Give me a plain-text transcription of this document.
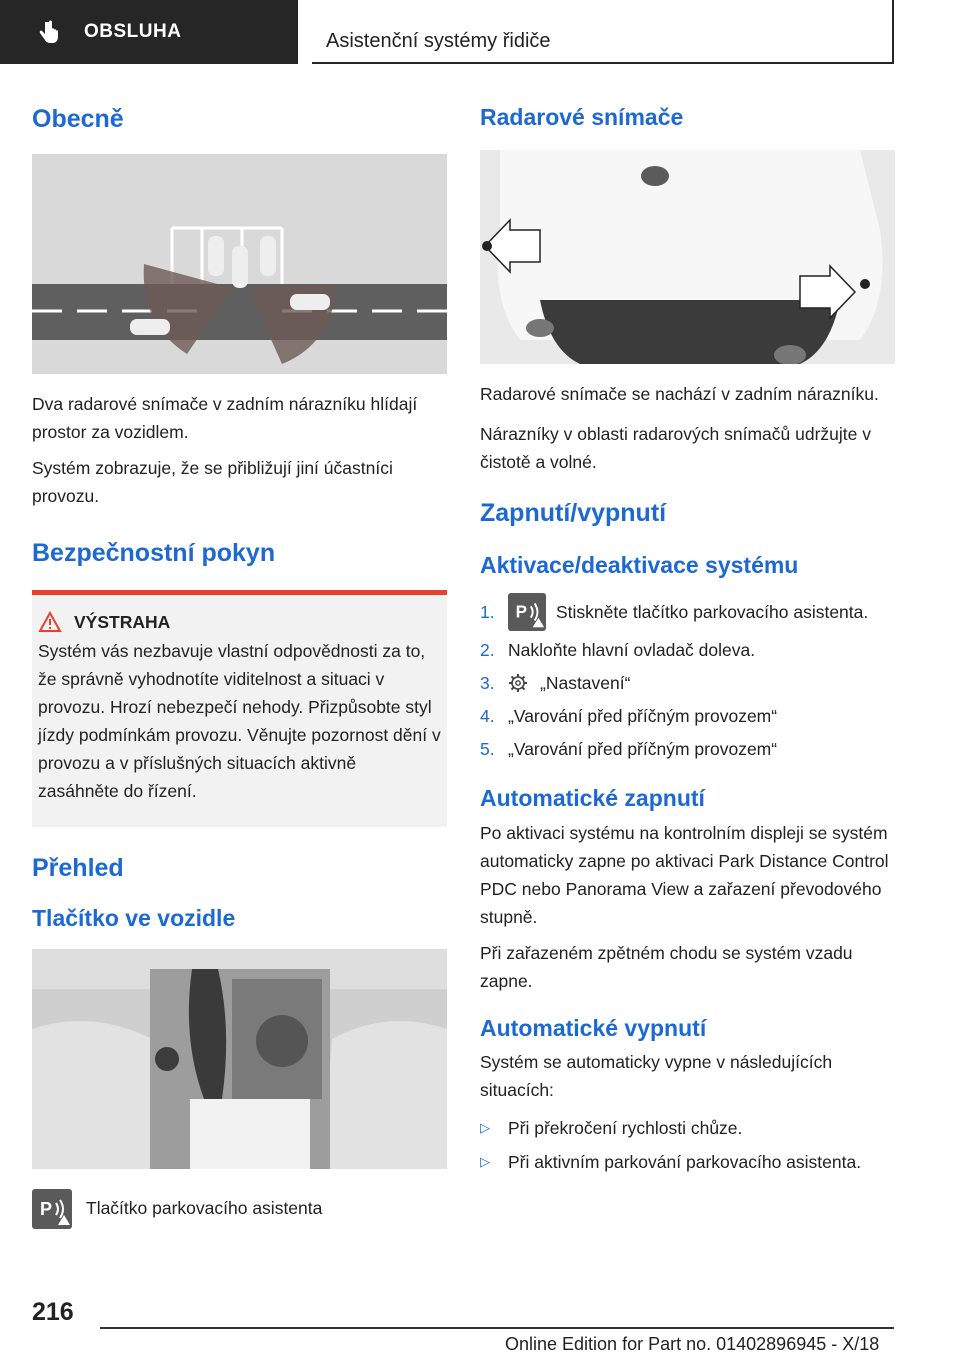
OBSLUHA	Asistenční systémy řidiče
Obecně

Dva radarové snímače v zadním nárazníku hlídají prostor za vozidlem.

Systém zobrazuje, že se přibližují jiní účastníci provozu.

Bezpečnostní pokyn
VÝSTRAHA

Systém vás nezbavuje vlastní odpovědnosti za to, že správně vyhodnotíte viditelnost a situaci v provozu. Hrozí nebezpečí nehody. Přizpůsobte styl jízdy podmínkám provozu. Věnujte pozornost dění v provozu a v příslušných situacích aktivně zasáhněte do řízení.

Přehled
Tlačítko ve vozidle
P Tlačítko parkovacího asistenta
Radarové snímače

Radarové snímače se nachází v zadním nárazníku.

Nárazníky v oblasti radarových snímačů udržujte v čistotě a volné.

Zapnutí/vypnutí
Aktivace/deaktivace systému
1.	P Stiskněte tlačítko parkovacího asistenta.
2. Nakloňte hlavní ovladač doleva.
3.	„Nastavení“
4. „Varování před příčným provozem“
5. „Varování před příčným provozem“
Automatické zapnutí

Po aktivaci systému na kontrolním displeji se systém automaticky zapne po aktivaci Park Distance Control PDC nebo Panorama View a zařazení převodového stupně.

Při zařazeném zpětném chodu se systém vzadu zapne.

Automatické vypnutí

Systém se automaticky vypne v následujících situacích:

▷	Při překročení rychlosti chůze.
▷	Při aktivním parkování parkovacího asistenta.
216
Online Edition for Part no. 01402896945 - X/18
